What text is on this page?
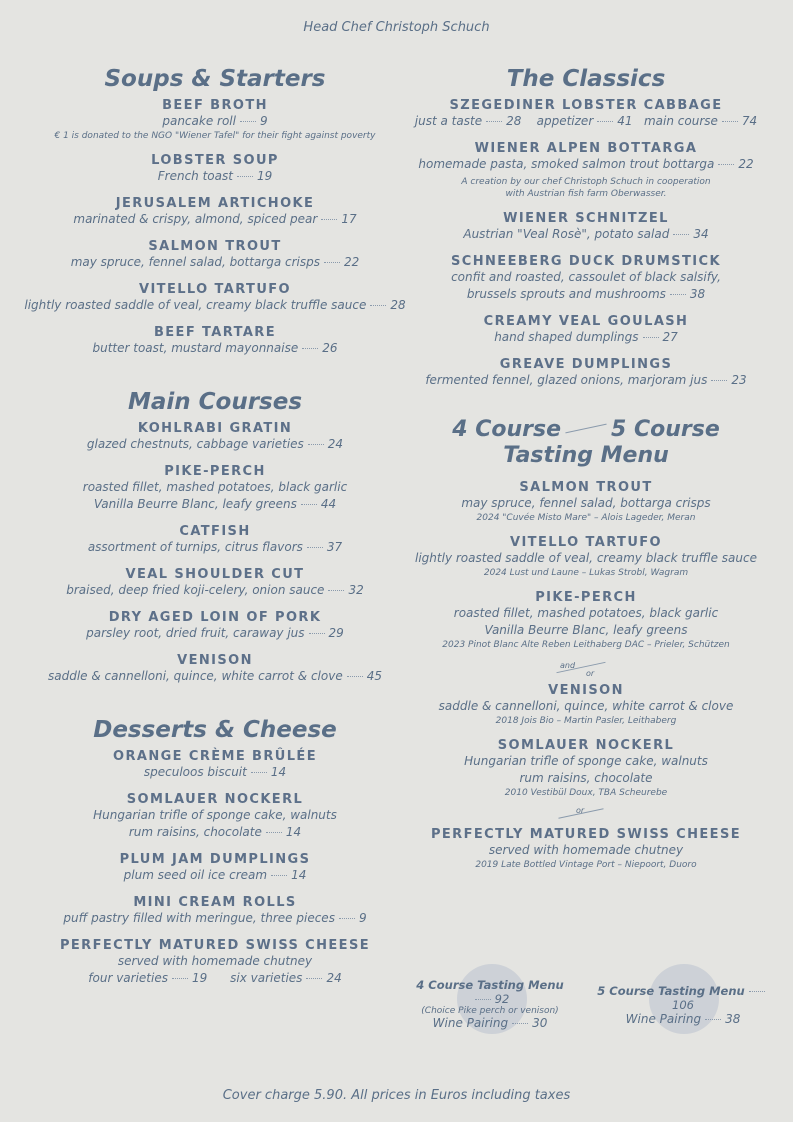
Head Chef Christoph Schuch
Soups & Starters
BEEF BROTH
pancake roll 9
€ 1 is donated to the NGO "Wiener Tafel" for their fight against poverty
LOBSTER SOUP
French toast 19
JERUSALEM ARTICHOKE
marinated & crispy, almond, spiced pear 17
SALMON TROUT
may spruce, fennel salad, bottarga crisps 22
VITELLO TARTUFO
lightly roasted saddle of veal, creamy black truffle sauce 28
BEEF TARTARE
butter toast, mustard mayonnaise 26
Main Courses
KOHLRABI GRATIN
glazed chestnuts, cabbage varieties 24
PIKE-PERCH
roasted fillet, mashed potatoes, black garlic
Vanilla Beurre Blanc, leafy greens 44
CATFISH
assortment of turnips, citrus flavors 37
VEAL SHOULDER CUT
braised, deep fried koji-celery, onion sauce 32
DRY AGED LOIN OF PORK
parsley root, dried fruit, caraway jus 29
VENISON
saddle & cannelloni, quince, white carrot & clove 45
Desserts & Cheese
ORANGE CRÈME BRÛLÉE
speculoos biscuit 14
SOMLAUER NOCKERL
Hungarian trifle of sponge cake, walnuts
rum raisins, chocolate 14
PLUM JAM DUMPLINGS
plum seed oil ice cream 14
MINI CREAM ROLLS
puff pastry filled with meringue, three pieces 9
PERFECTLY MATURED SWISS CHEESE
served with homemade chutney
four varieties 19 six varieties 24
The Classics
SZEGEDINER LOBSTER CABBAGE
just a taste 28 appetizer 41 main course 74
WIENER ALPEN BOTTARGA
homemade pasta, smoked salmon trout bottarga 22
A creation by our chef Christoph Schuch in cooperation
with Austrian fish farm Oberwasser.
WIENER SCHNITZEL
Austrian "Veal Rosè", potato salad 34
SCHNEEBERG DUCK DRUMSTICK
confit and roasted, cassoulet of black salsify,
brussels sprouts and mushrooms 38
CREAMY VEAL GOULASH
hand shaped dumplings 27
GREAVE DUMPLINGS
fermented fennel, glazed onions, marjoram jus 23
4 Course 5 Course
Tasting Menu
SALMON TROUT
may spruce, fennel salad, bottarga crisps
2024 "Cuvée Misto Mare" – Alois Lageder, Meran
VITELLO TARTUFO
lightly roasted saddle of veal, creamy black truffle sauce
2024 Lust und Laune – Lukas Strobl, Wagram
PIKE-PERCH
roasted fillet, mashed potatoes, black garlic
Vanilla Beurre Blanc, leafy greens
2023 Pinot Blanc Alte Reben Leithaberg DAC – Prieler, Schützen
and
or
VENISON
saddle & cannelloni, quince, white carrot & clove
2018 Jois Bio – Martin Pasler, Leithaberg
SOMLAUER NOCKERL
Hungarian trifle of sponge cake, walnuts
rum raisins, chocolate
2010 Vestibül Doux, TBA Scheurebe
or
PERFECTLY MATURED SWISS CHEESE
served with homemade chutney
2019 Late Bottled Vintage Port – Niepoort, Duoro
4 Course Tasting Menu92
(Choice Pike perch or venison)
Wine Pairing 30
5 Course Tasting Menu106
Wine Pairing 38
Cover charge 5.90. All prices in Euros including taxes
